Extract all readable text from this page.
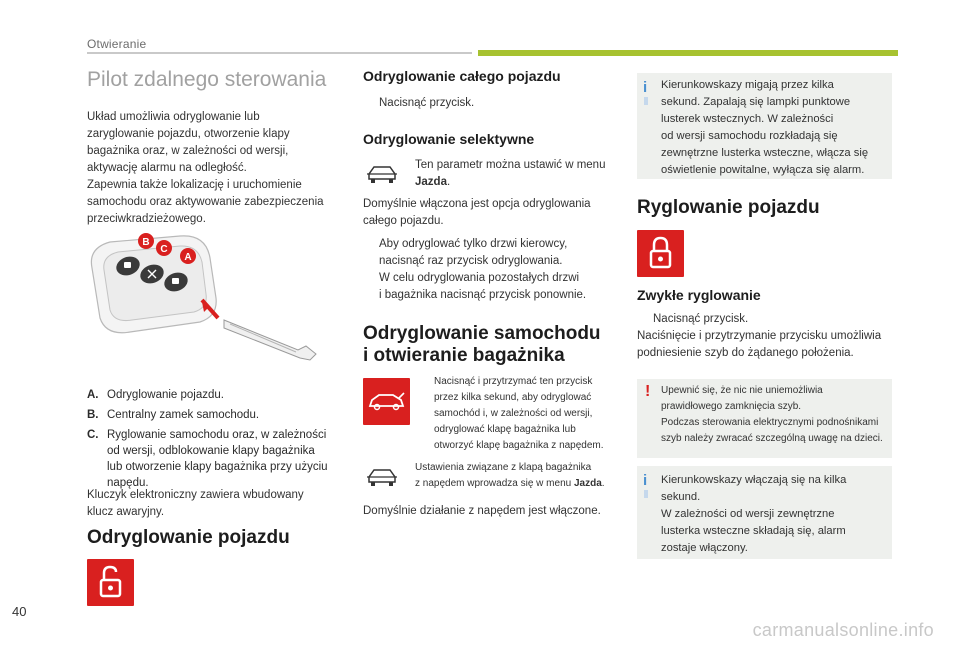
Otwieranie
Pilot zdalnego sterowania
Układ umożliwia odryglowanie lub
zaryglowanie pojazdu, otworzenie klapy
bagażnika oraz, w zależności od wersji,
aktywację alarmu na odległość.
Zapewnia także lokalizację i uruchomienie
samochodu oraz aktywowanie zabezpieczenia
przeciwkradzieżowego.
B
C
A
A. Odryglowanie pojazdu.
B. Centralny zamek samochodu.
C. Ryglowanie samochodu oraz, w zależności
od wersji, odblokowanie klapy bagażnika
lub otworzenie klapy bagażnika przy użyciu
napędu.
Kluczyk elektroniczny zawiera wbudowany
klucz awaryjny.
Odryglowanie pojazdu
Odryglowanie całego pojazdu
Nacisnąć przycisk.
Odryglowanie selektywne
Ten parametr można ustawić w menu
Jazda.
Domyślnie włączona jest opcja odryglowania
całego pojazdu.
Aby odryglować tylko drzwi kierowcy,
nacisnąć raz przycisk odryglowania.
W celu odryglowania pozostałych drzwi
i bagażnika nacisnąć przycisk ponownie.
Odryglowanie samochodu
i otwieranie bagażnika
Nacisnąć i przytrzymać ten przycisk
przez kilka sekund, aby odryglować
samochód i, w zależności od wersji,
odryglować klapę bagażnika lub
otworzyć klapę bagażnika z napędem.
Ustawienia związane z klapą bagażnika
z napędem wprowadza się w menu Jazda.
Domyślnie działanie z napędem jest włączone.
i Kierunkowskazy migają przez kilka
sekund. Zapalają się lampki punktowe
lusterek wstecznych. W zależności
od wersji samochodu rozkładają się
zewnętrzne lusterka wsteczne, włącza się
oświetlenie powitalne, wyłącza się alarm.
Ryglowanie pojazdu
Zwykłe ryglowanie
Nacisnąć przycisk.
Naciśnięcie i przytrzymanie przycisku umożliwia
podniesienie szyb do żądanego położenia.
! Upewnić się, że nic nie uniemożliwia
prawidłowego zamknięcia szyb.
Podczas sterowania elektrycznymi podnośnikami
szyb należy zwracać szczególną uwagę na dzieci.
i Kierunkowskazy włączają się na kilka
sekund.
W zależności od wersji zewnętrzne
lusterka wsteczne składają się, alarm
zostaje włączony.
40
carmanualsonline.info
